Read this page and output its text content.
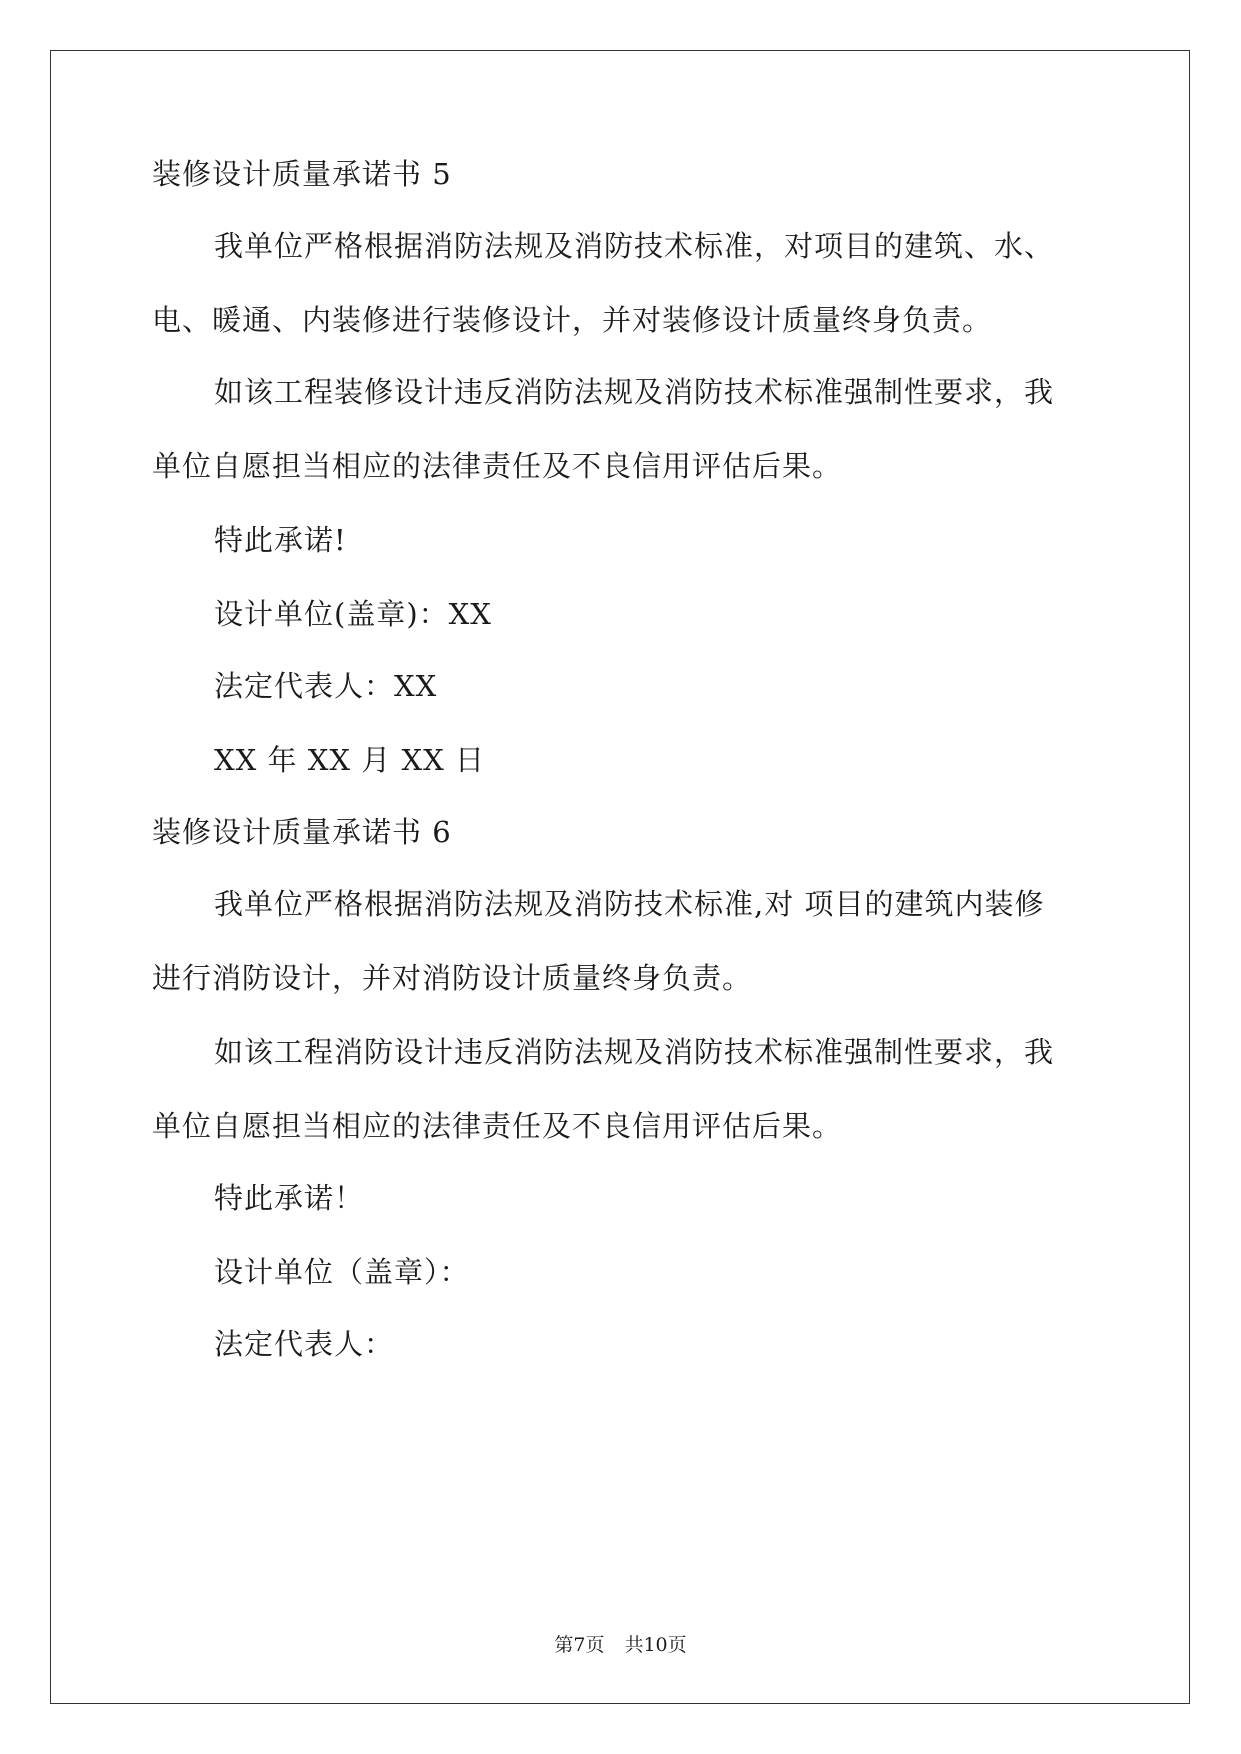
装修设计质量承诺书 5
我单位严格根据消防法规及消防技术标准，对项目的建筑、水、
电、暖通、内装修进行装修设计，并对装修设计质量终身负责。
如该工程装修设计违反消防法规及消防技术标准强制性要求，我
单位自愿担当相应的法律责任及不良信用评估后果。
特此承诺!
设计单位(盖章)：XX
法定代表人：XX
XX 年 XX 月 XX 日
装修设计质量承诺书 6
我单位严格根据消防法规及消防技术标准,对 项目的建筑内装修
进行消防设计，并对消防设计质量终身负责。
如该工程消防设计违反消防法规及消防技术标准强制性要求，我
单位自愿担当相应的法律责任及不良信用评估后果。
特此承诺！
设计单位（盖章）：
法定代表人：
第7页 共10页
